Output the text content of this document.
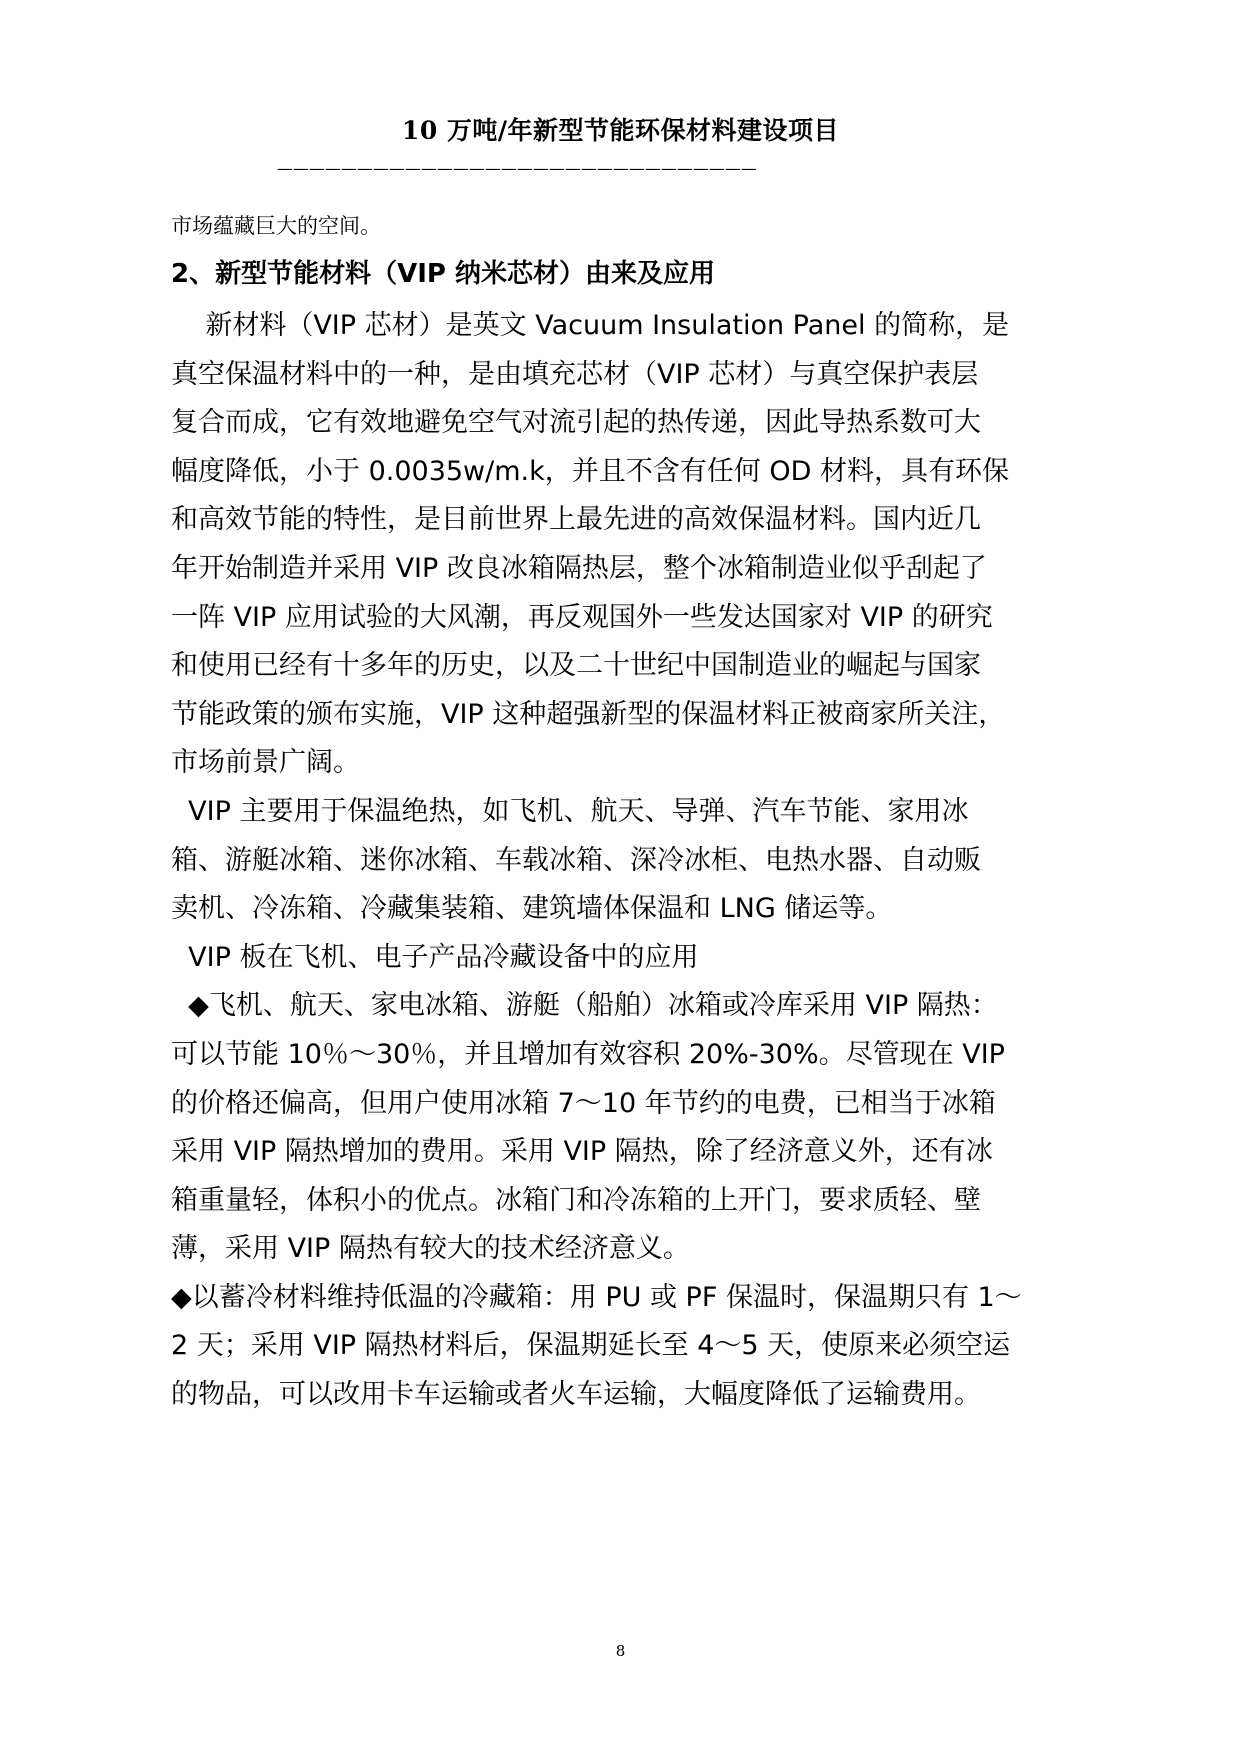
10 万吨/年新型节能环保材料建设项目
——————————————————————————————
市场蕴藏巨大的空间。
2、新型节能材料（VIP 纳米芯材）由来及应用
新材料（VIP 芯材）是英文 Vacuum Insulation Panel 的简称，是
真空保温材料中的一种，是由填充芯材（VIP 芯材）与真空保护表层
复合而成，它有效地避免空气对流引起的热传递，因此导热系数可大
幅度降低，小于 0.0035w/m.k，并且不含有任何 OD 材料，具有环保
和高效节能的特性，是目前世界上最先进的高效保温材料。国内近几
年开始制造并采用 VIP 改良冰箱隔热层，整个冰箱制造业似乎刮起了
一阵 VIP 应用试验的大风潮，再反观国外一些发达国家对 VIP 的研究
和使用已经有十多年的历史，以及二十世纪中国制造业的崛起与国家
节能政策的颁布实施，VIP 这种超强新型的保温材料正被商家所关注，
市场前景广阔。
VIP 主要用于保温绝热，如飞机、航天、导弹、汽车节能、家用冰
箱、游艇冰箱、迷你冰箱、车载冰箱、深冷冰柜、电热水器、自动贩
卖机、冷冻箱、冷藏集装箱、建筑墙体保温和 LNG 储运等。
VIP 板在飞机、电子产品冷藏设备中的应用
◆飞机、航天、家电冰箱、游艇（船舶）冰箱或冷库采用 VIP 隔热：
可以节能 10％～30％，并且增加有效容积 20%-30%。尽管现在 VIP
的价格还偏高，但用户使用冰箱 7～10 年节约的电费，已相当于冰箱
采用 VIP 隔热增加的费用。采用 VIP 隔热，除了经济意义外，还有冰
箱重量轻，体积小的优点。冰箱门和冷冻箱的上开门，要求质轻、壁
薄，采用 VIP 隔热有较大的技术经济意义。
◆以蓄冷材料维持低温的冷藏箱：用 PU 或 PF 保温时，保温期只有 1～
2 天；采用 VIP 隔热材料后，保温期延长至 4～5 天，使原来必须空运
的物品，可以改用卡车运输或者火车运输，大幅度降低了运输费用。
8
